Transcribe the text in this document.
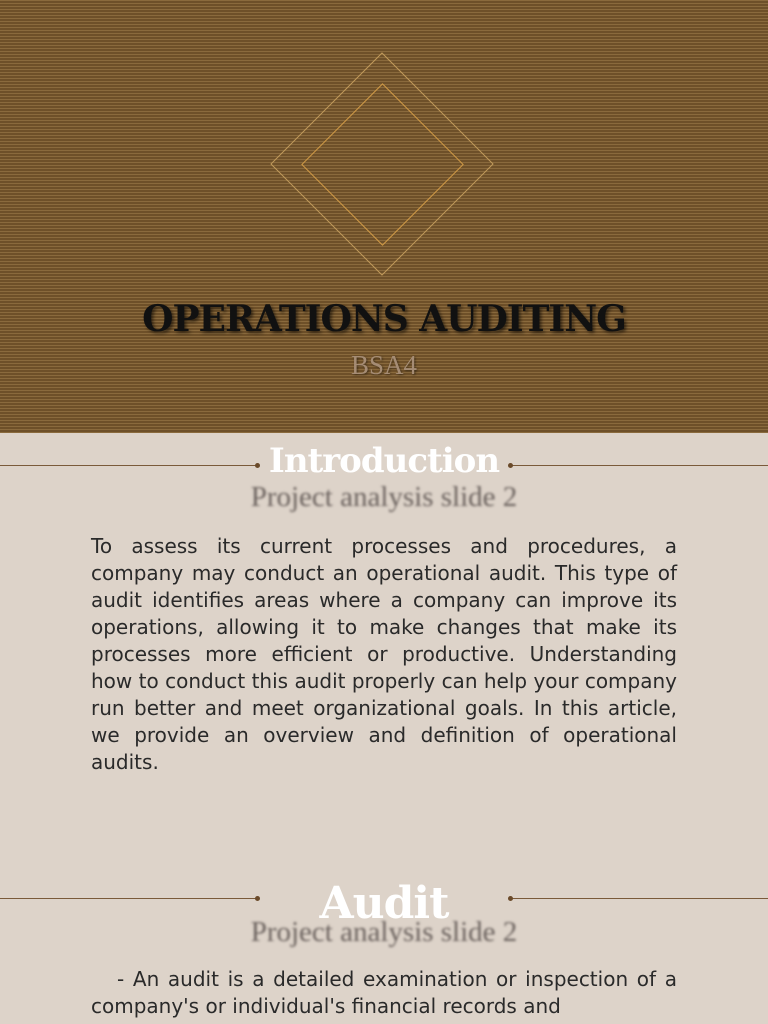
OPERATIONS AUDITING

BSA4

Introduction

Project analysis slide 2

To assess its current processes and procedures, a company may conduct an operational audit. This type of audit identifies areas where a company can improve its operations, allowing it to make changes that make its processes more efficient or productive. Understanding how to conduct this audit properly can help your company run better and meet organizational goals. In this article, we provide an overview and definition of operational audits.

Audit

Project analysis slide 2

- An audit is a detailed examination or inspection of a company's or individual's financial records and
